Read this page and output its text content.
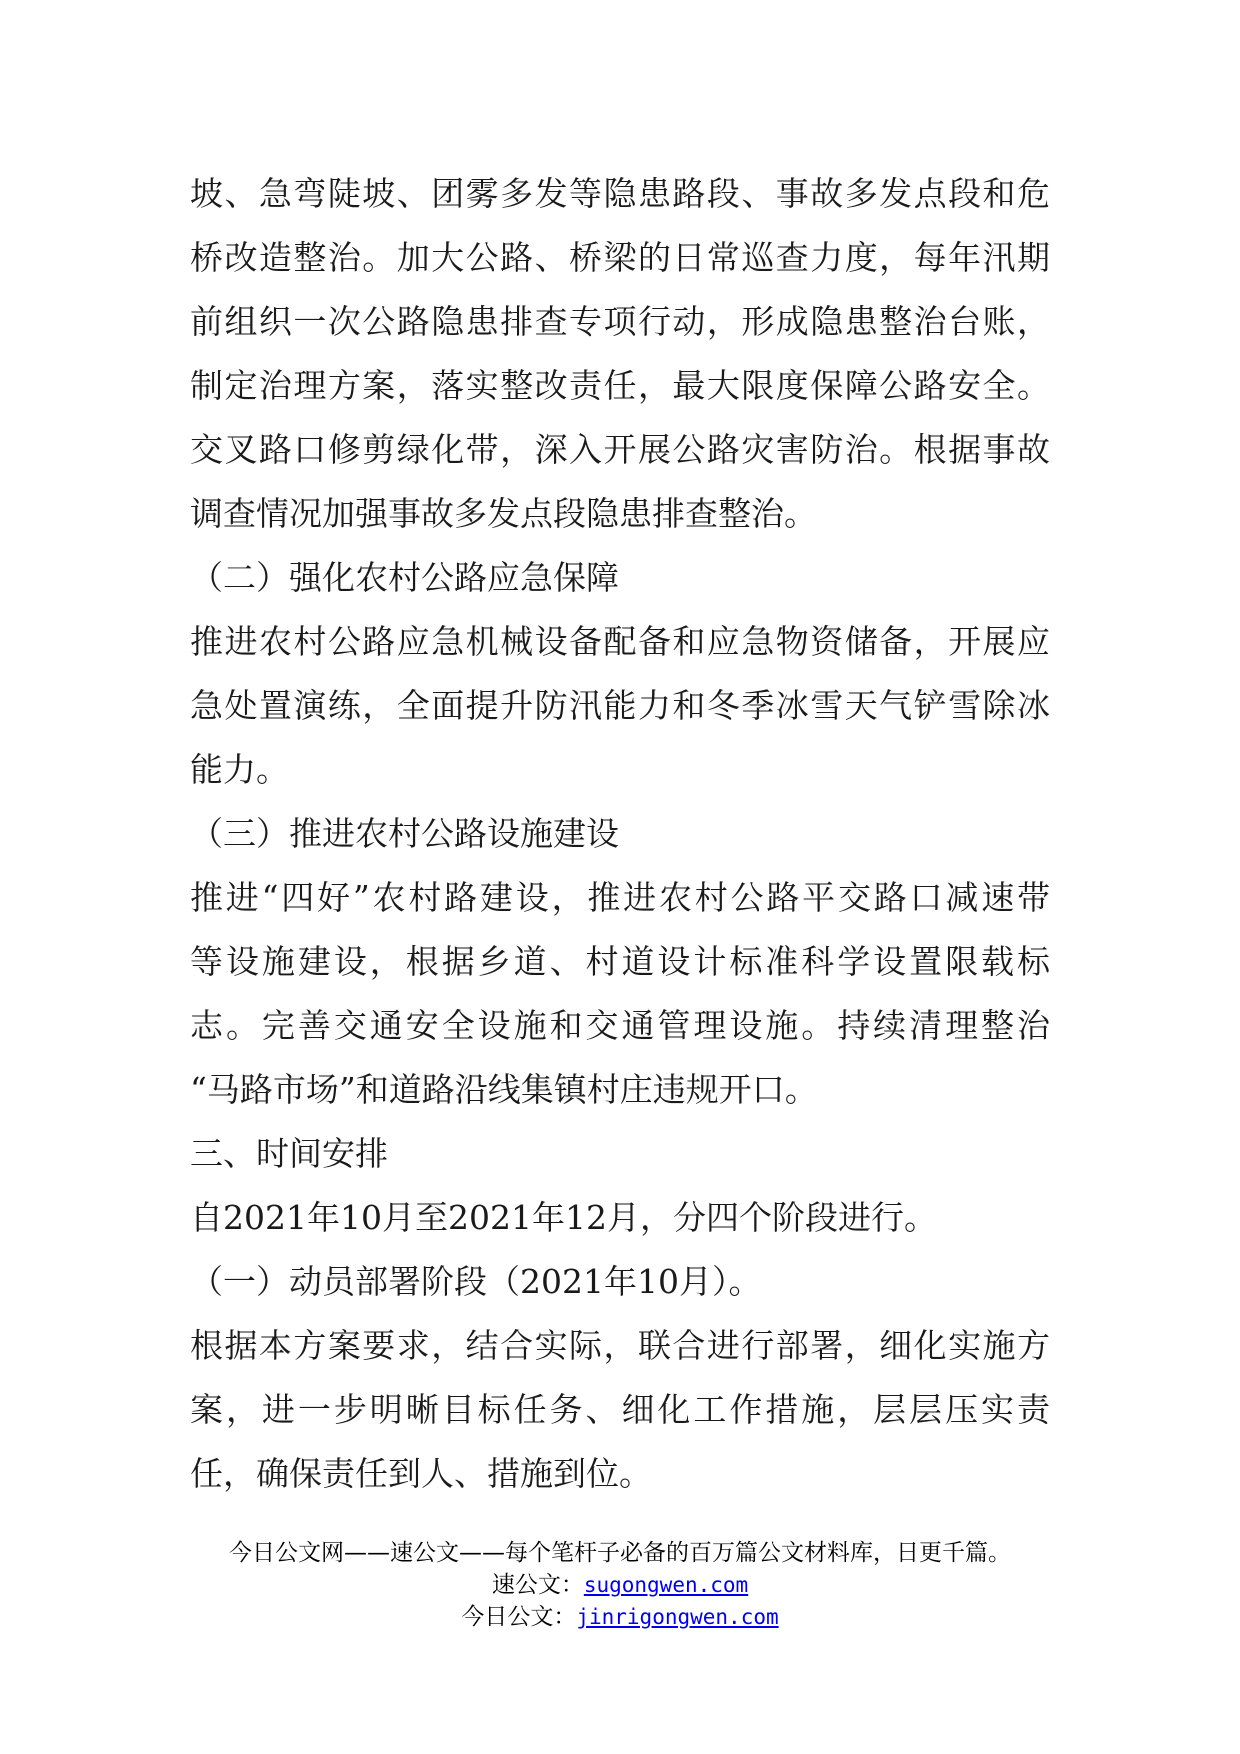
坡、急弯陡坡、团雾多发等隐患路段、事故多发点段和危
桥改造整治。加大公路、桥梁的日常巡查力度，每年汛期
前组织一次公路隐患排查专项行动，形成隐患整治台账，
制定治理方案，落实整改责任，最大限度保障公路安全。
交叉路口修剪绿化带，深入开展公路灾害防治。根据事故
调查情况加强事故多发点段隐患排查整治。
（二）强化农村公路应急保障
推进农村公路应急机械设备配备和应急物资储备，开展应
急处置演练，全面提升防汛能力和冬季冰雪天气铲雪除冰
能力。
（三）推进农村公路设施建设
推进“四好”农村路建设，推进农村公路平交路口减速带
等设施建设，根据乡道、村道设计标准科学设置限载标
志。完善交通安全设施和交通管理设施。持续清理整治
“马路市场”和道路沿线集镇村庄违规开口。
三、时间安排
自2021年10月至2021年12月，分四个阶段进行。
（一）动员部署阶段（2021年10月）。
根据本方案要求，结合实际，联合进行部署，细化实施方
案，进一步明晰目标任务、细化工作措施，层层压实责
任，确保责任到人、措施到位。
今日公文网——速公文——每个笔杆子必备的百万篇公文材料库，日更千篇。
速公文：sugongwen.com
今日公文：jinrigongwen.com
